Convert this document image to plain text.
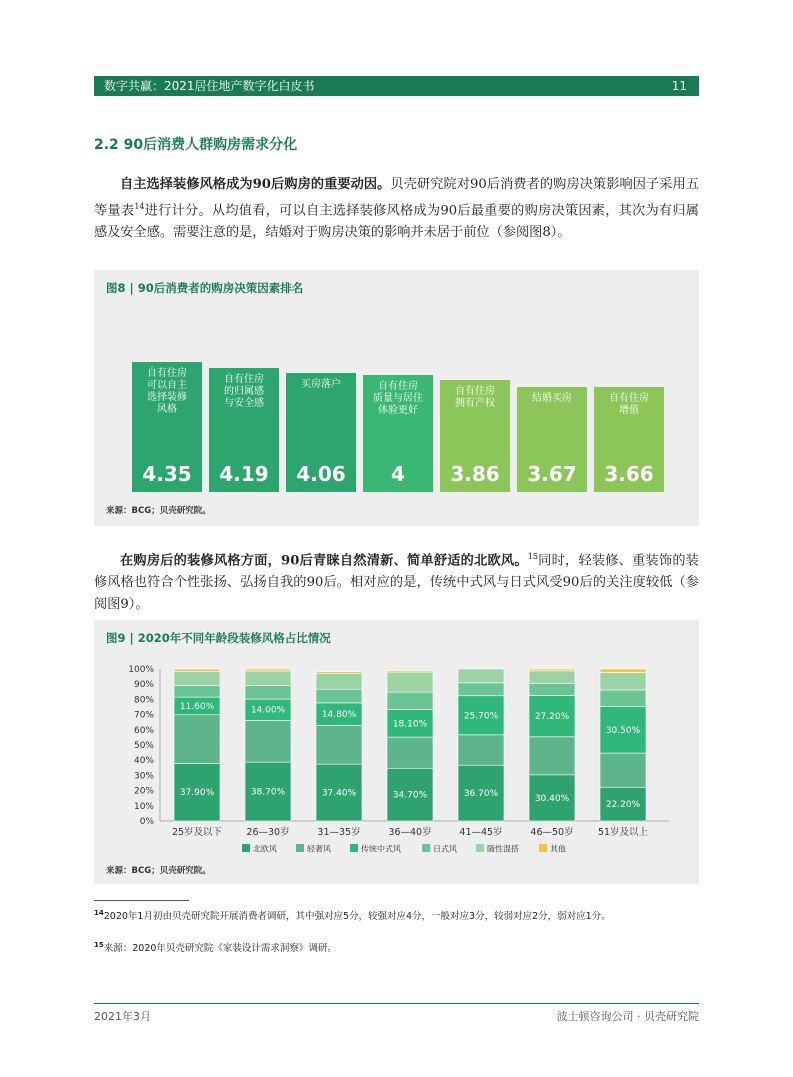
数字共赢：2021居住地产数字化白皮书	11
2.2 90后消费人群购房需求分化
自主选择装修风格成为90后购房的重要动因。贝壳研究院对90后消费者的购房决策影响因子采用五等量表$^{14}$进行计分。从均值看，可以自主选择装修风格成为90后最重要的购房决策因素，其次为有归属感及安全感。需要注意的是，结婚对于购房决策的影响并未居于前位（参阅图8）。
图8 | 90后消费者的购房决策因素排名
自有住房
可以自主
选择装修
风格
4.35
自有住房
的归属感
与安全感
4.19
买房落户
4.06
自有住房
质量与居住
体验更好
4
自有住房
拥有产权
3.86
结婚买房
3.67
自有住房
增值
3.66
来源：BCG；贝壳研究院。
在购房后的装修风格方面，90后青睐自然清新、简单舒适的北欧风。$^{15}$同时，轻装修、重装饰的装修风格也符合个性张扬、弘扬自我的90后。相对应的是，传统中式风与日式风受90后的关注度较低（参阅图9）。
图9 | 2020年不同年龄段装修风格占比情况
0%
10%
20%
30%
40%
50%
60%
70%
80%
90%
100%
37.90%
11.60%
25岁及以下
38.70%
14.00%
26—30岁
37.40%
14.80%
31—35岁
34.70%
18.10%
36—40岁
36.70%
25.70%
41—45岁
30.40%
27.20%
46—50岁
22.20%
30.50%
51岁及以上
北欧风	轻奢风	传统中式风	日式风	随性混搭	其他
来源：BCG；贝壳研究院。
$^{14}$2020年1月初由贝壳研究院开展消费者调研，其中强对应5分，较强对应4分，一般对应3分，较弱对应2分，弱对应1分。
$^{15}$来源：2020年贝壳研究院《家装设计需求洞察》调研。
2021年3月	波士顿咨询公司 · 贝壳研究院
